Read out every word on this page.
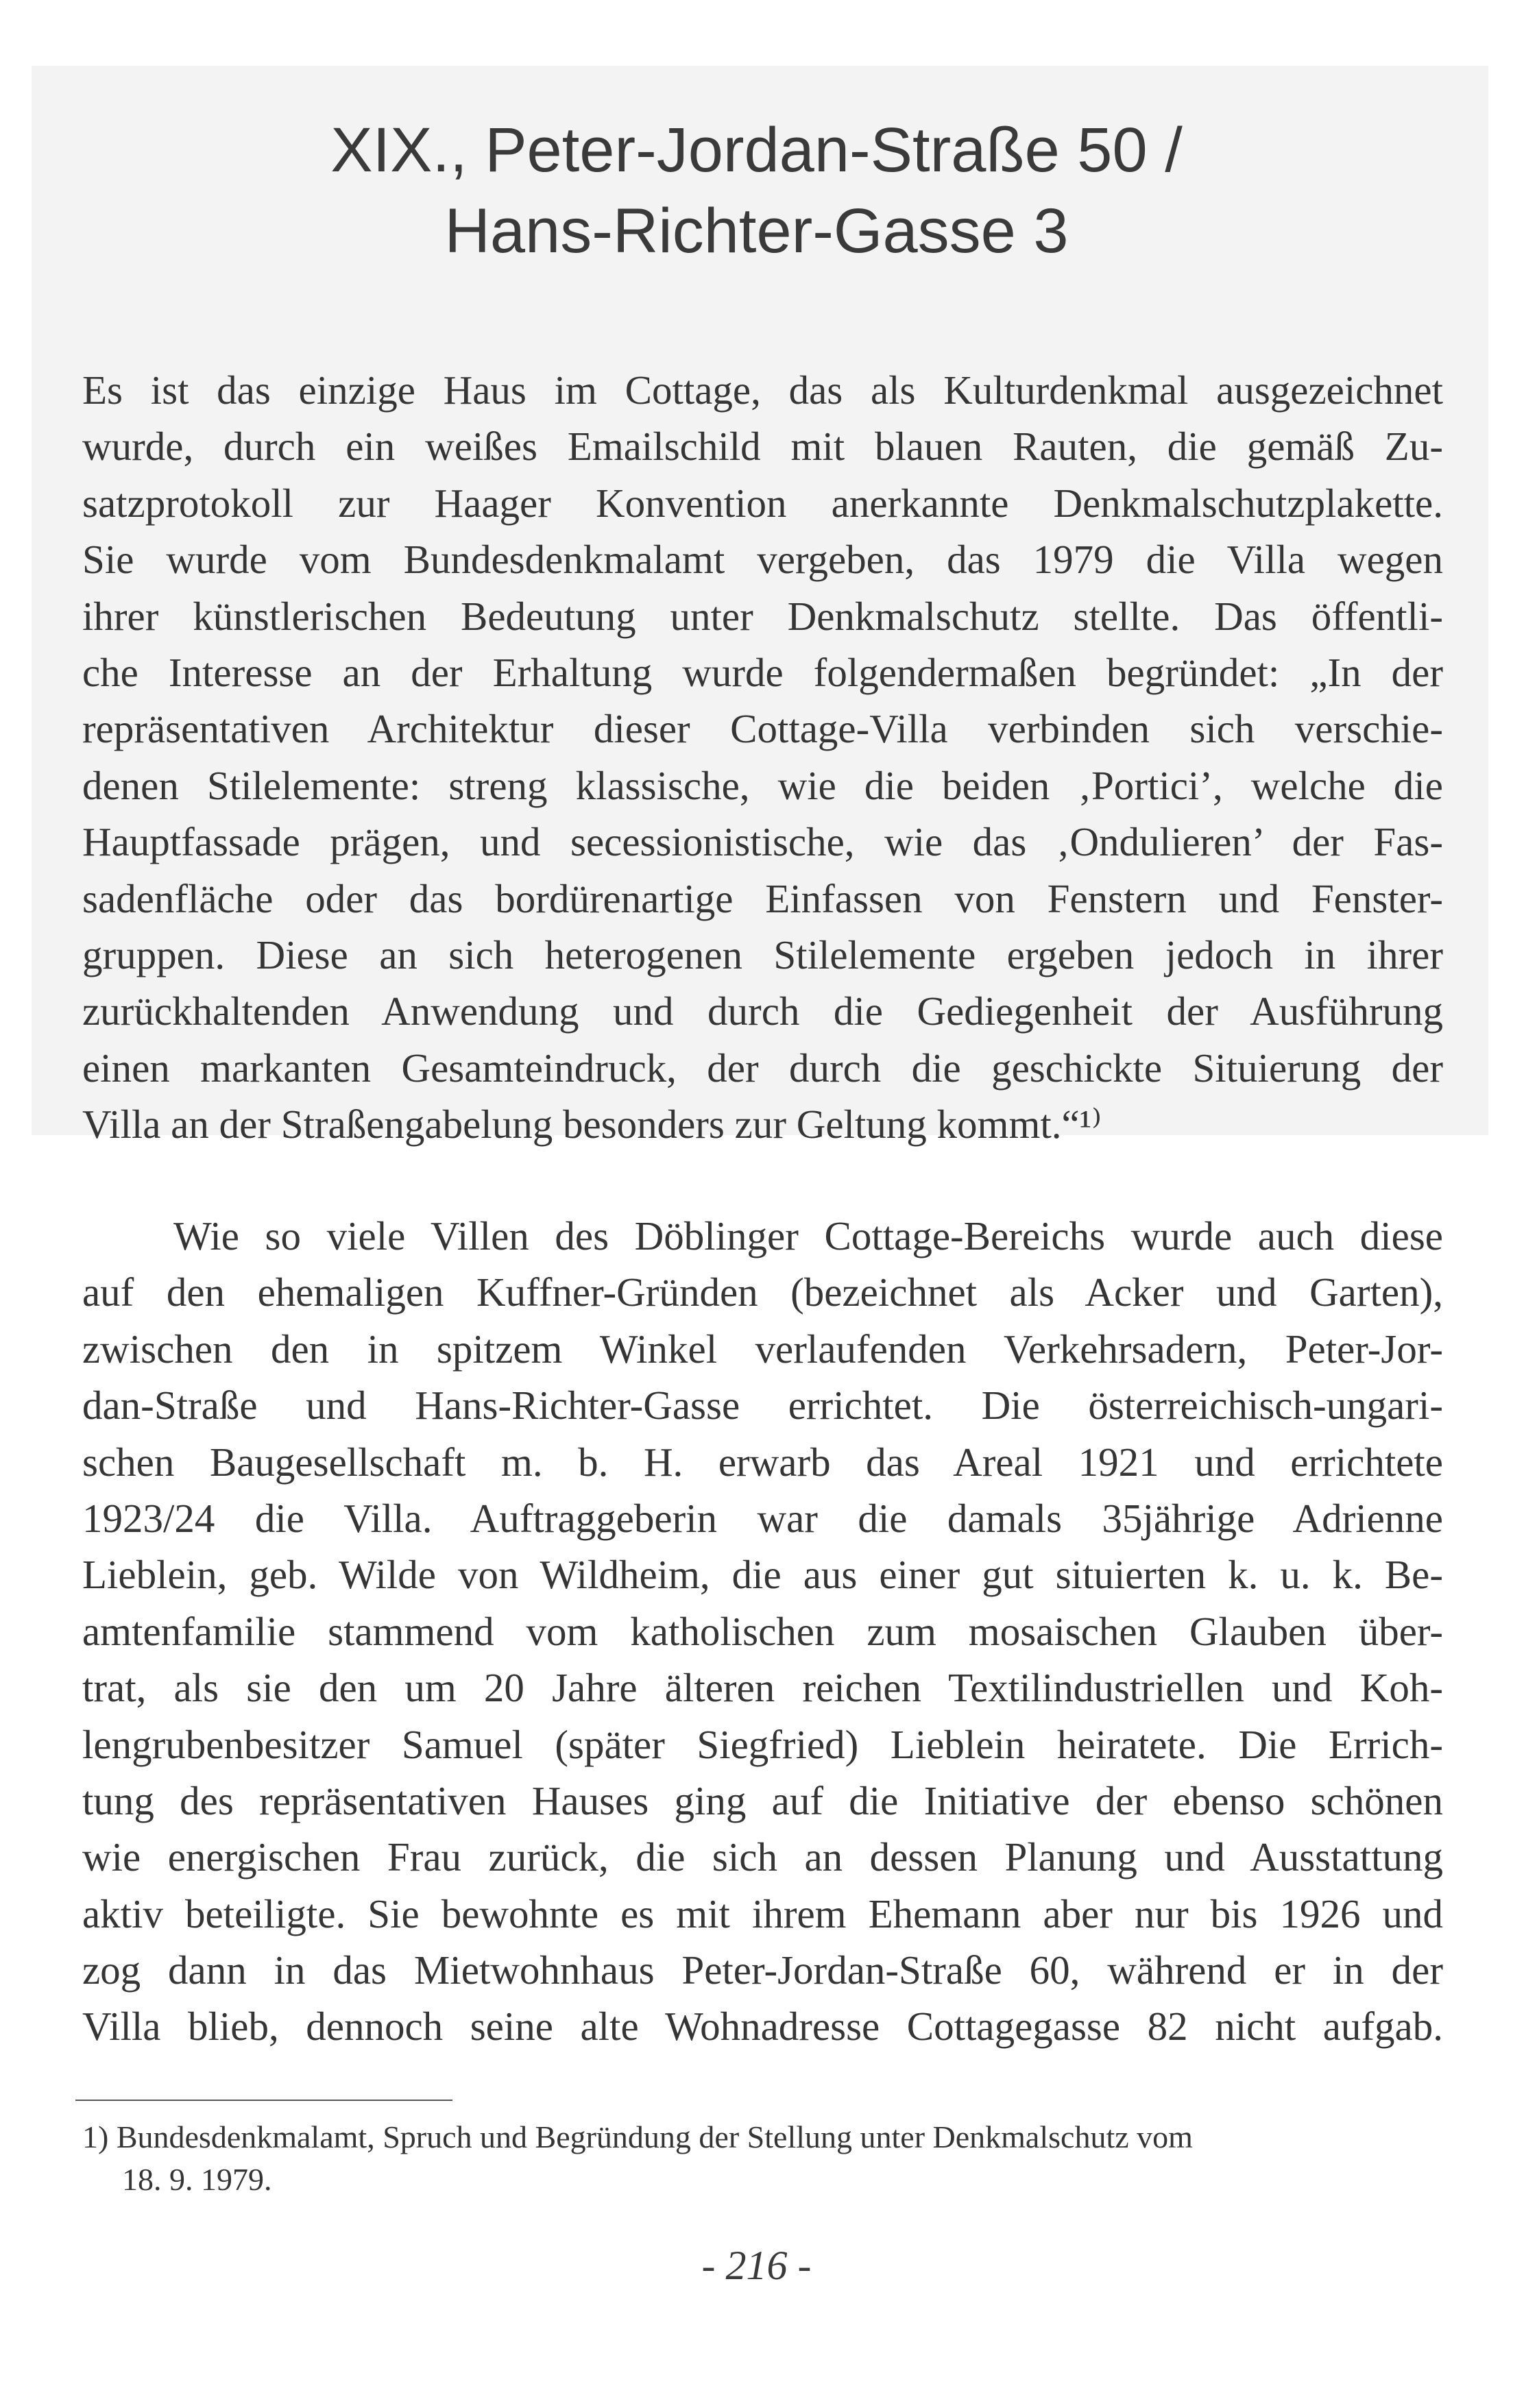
XIX., Peter-Jordan-Straße 50 /
Hans-Richter-Gasse 3
Es ist das einzige Haus im Cottage, das als Kulturdenkmal ausgezeichnet
wurde, durch ein weißes Emailschild mit blauen Rauten, die gemäß Zu-
satzprotokoll zur Haager Konvention anerkannte Denkmalschutzplakette.
Sie wurde vom Bundesdenkmalamt vergeben, das 1979 die Villa wegen
ihrer künstlerischen Bedeutung unter Denkmalschutz stellte. Das öffentli-
che Interesse an der Erhaltung wurde folgendermaßen begründet: „In der
repräsentativen Architektur dieser Cottage-Villa verbinden sich verschie-
denen Stilelemente: streng klassische, wie die beiden ‚Portici’, welche die
Hauptfassade prägen, und secessionistische, wie das ‚Ondulieren’ der Fas-
sadenfläche oder das bordürenartige Einfassen von Fenstern und Fenster-
gruppen. Diese an sich heterogenen Stilelemente ergeben jedoch in ihrer
zurückhaltenden Anwendung und durch die Gediegenheit der Ausführung
einen markanten Gesamteindruck, der durch die geschickte Situierung der
Villa an der Straßengabelung besonders zur Geltung kommt.“¹⁾
Wie so viele Villen des Döblinger Cottage-Bereichs wurde auch diese
auf den ehemaligen Kuffner-Gründen (bezeichnet als Acker und Garten),
zwischen den in spitzem Winkel verlaufenden Verkehrsadern, Peter-Jor-
dan-Straße und Hans-Richter-Gasse errichtet. Die österreichisch-ungari-
schen Baugesellschaft m. b. H. erwarb das Areal 1921 und errichtete
1923/24 die Villa. Auftraggeberin war die damals 35jährige Adrienne
Lieblein, geb. Wilde von Wildheim, die aus einer gut situierten k. u. k. Be-
amtenfamilie stammend vom katholischen zum mosaischen Glauben über-
trat, als sie den um 20 Jahre älteren reichen Textilindustriellen und Koh-
lengrubenbesitzer Samuel (später Siegfried) Lieblein heiratete. Die Errich-
tung des repräsentativen Hauses ging auf die Initiative der ebenso schönen
wie energischen Frau zurück, die sich an dessen Planung und Ausstattung
aktiv beteiligte. Sie bewohnte es mit ihrem Ehemann aber nur bis 1926 und
zog dann in das Mietwohnhaus Peter-Jordan-Straße 60, während er in der
Villa blieb, dennoch seine alte Wohnadresse Cottagegasse 82 nicht aufgab.
1) Bundesdenkmalamt, Spruch und Begründung der Stellung unter Denkmalschutz vom
18. 9. 1979.
- 216 -
